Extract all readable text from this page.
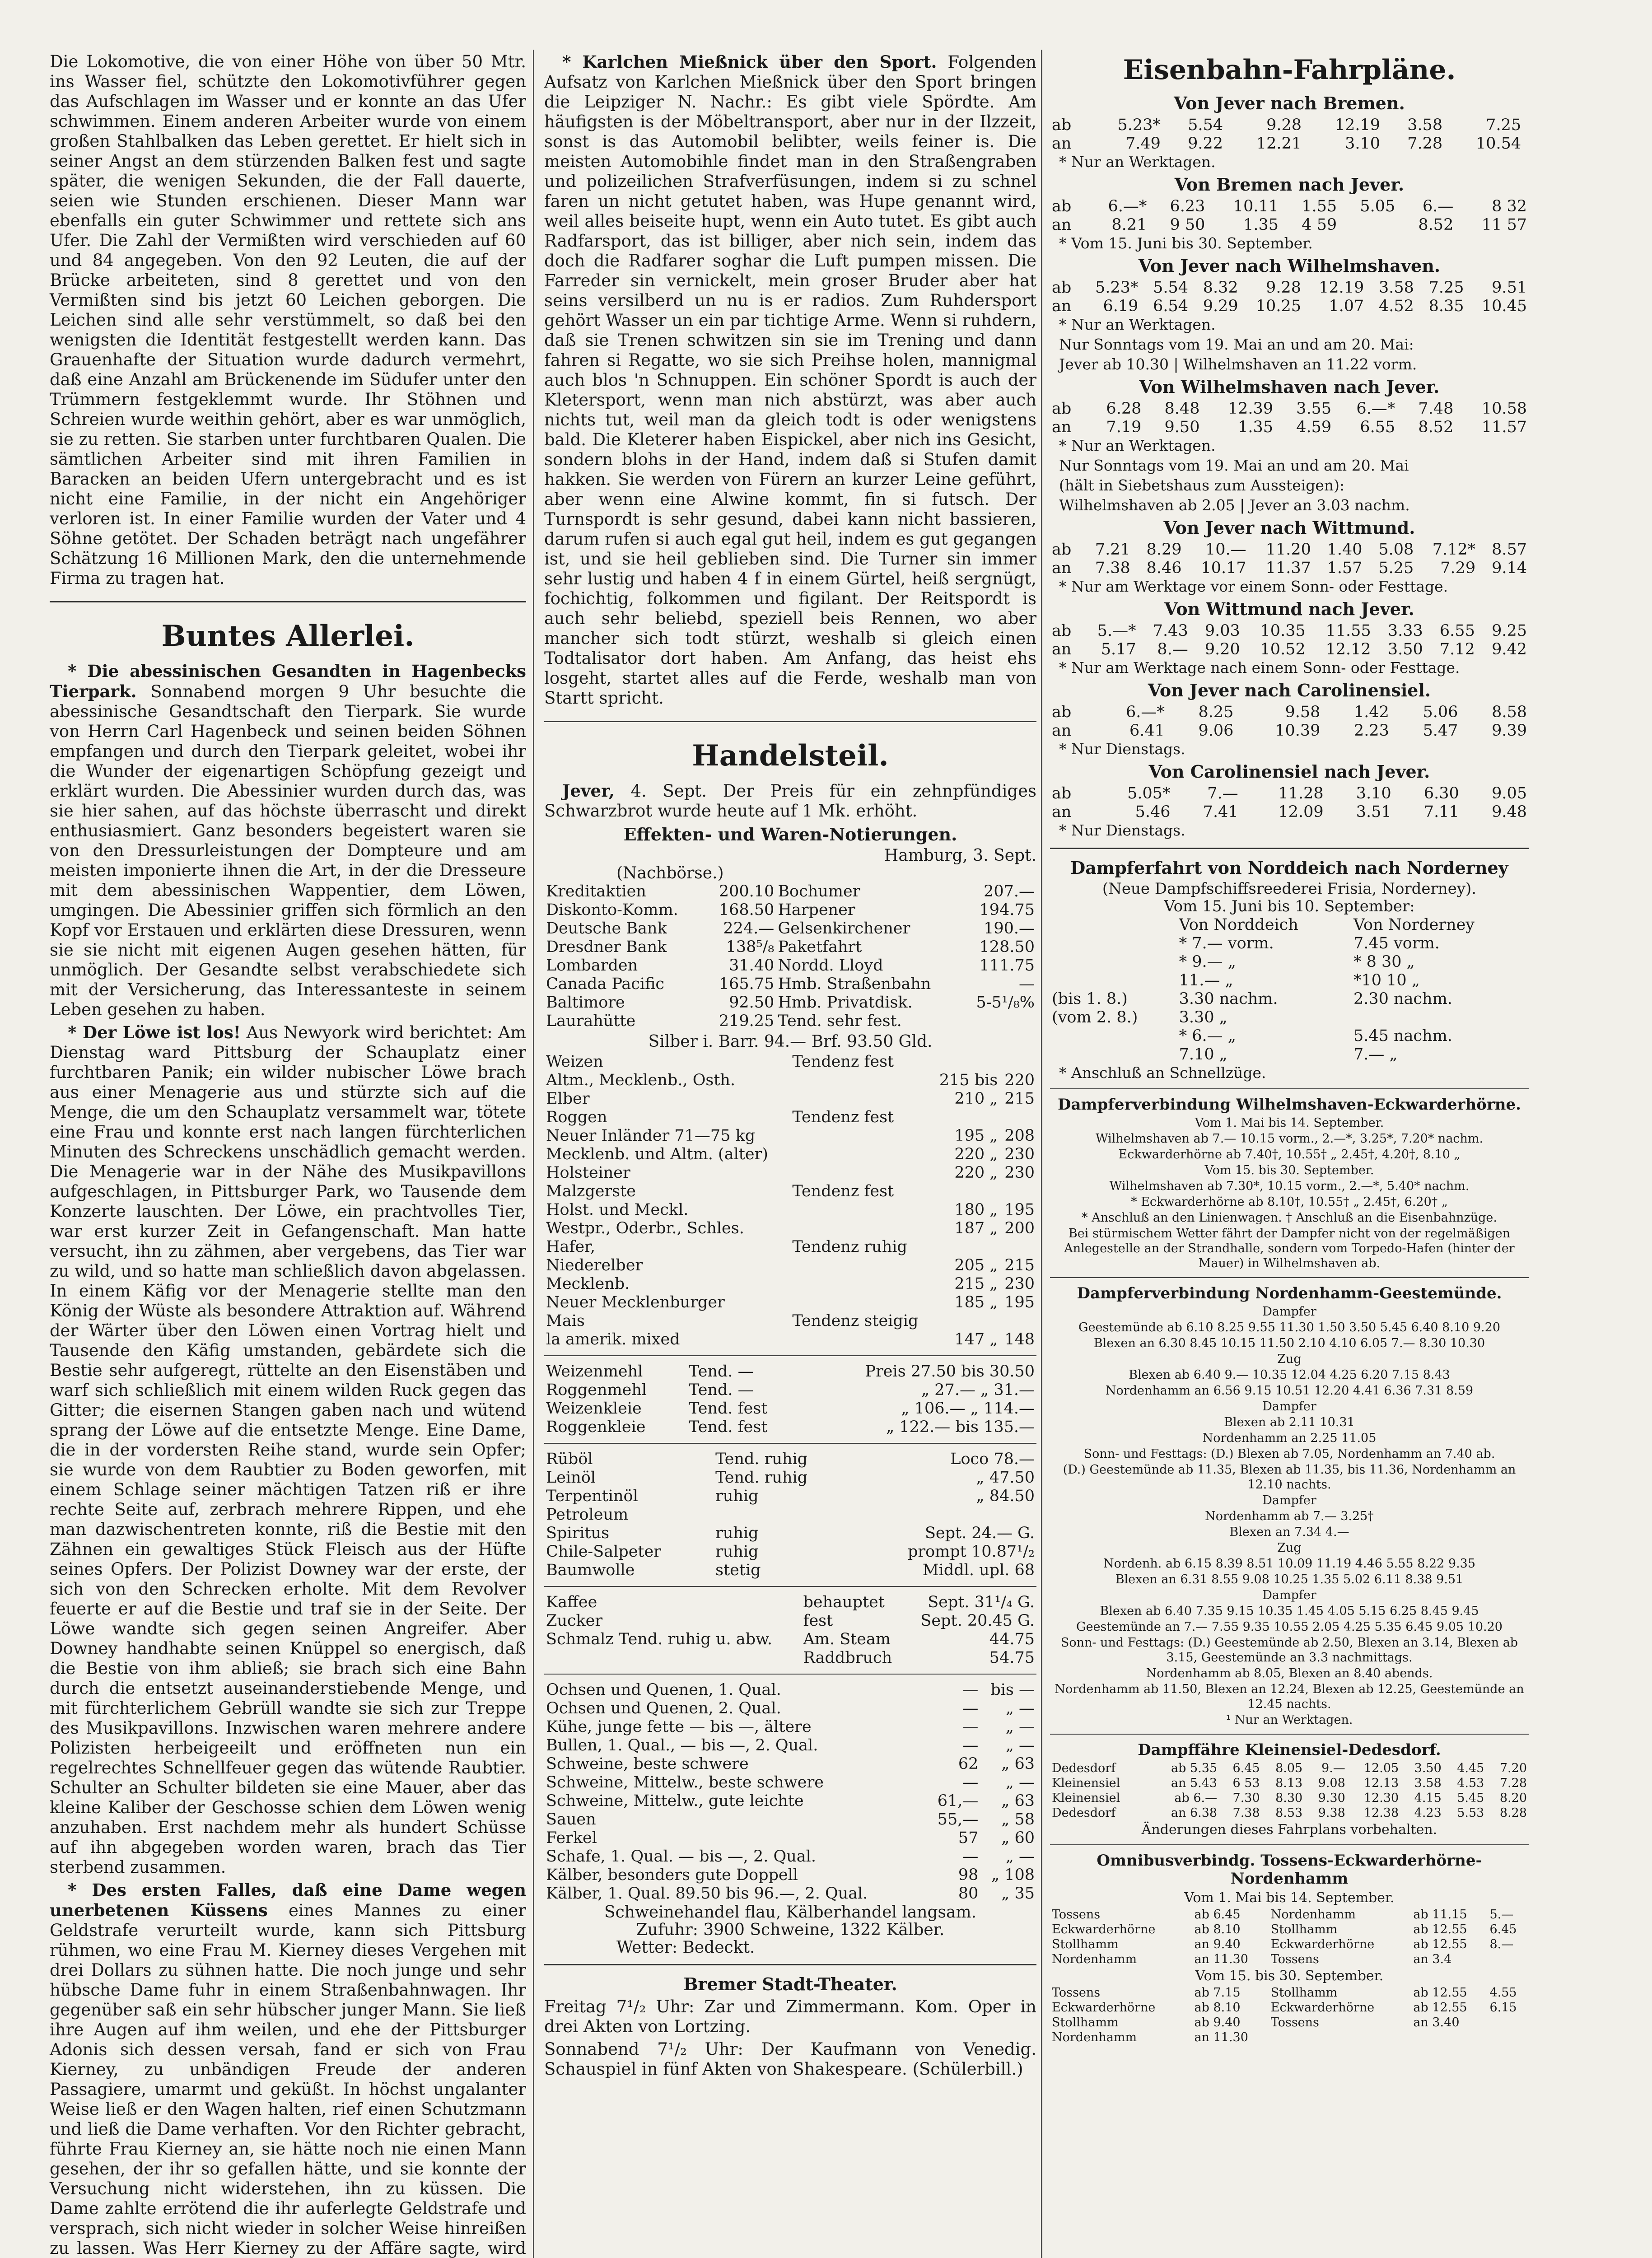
Die Lokomotive, die von einer Höhe von über 50 Mtr. ins Wasser fiel, schützte den Lokomotivführer gegen das Aufschlagen im Wasser und er konnte an das Ufer schwimmen. Einem anderen Arbeiter wurde von einem großen Stahlbalken das Leben gerettet. Er hielt sich in seiner Angst an dem stürzenden Balken fest und sagte später, die wenigen Sekunden, die der Fall dauerte, seien wie Stunden erschienen. Dieser Mann war ebenfalls ein guter Schwimmer und rettete sich ans Ufer. Die Zahl der Vermißten wird verschieden auf 60 und 84 angegeben. Von den 92 Leuten, die auf der Brücke arbeiteten, sind 8 gerettet und von den Vermißten sind bis jetzt 60 Leichen geborgen. Die Leichen sind alle sehr verstümmelt, so daß bei den wenigsten die Identität festgestellt werden kann. Das Grauenhafte der Situation wurde dadurch vermehrt, daß eine Anzahl am Brückenende im Südufer unter den Trümmern festgeklemmt wurde. Ihr Stöhnen und Schreien wurde weithin gehört, aber es war unmöglich, sie zu retten. Sie starben unter furchtbaren Qualen. Die sämtlichen Arbeiter sind mit ihren Familien in Baracken an beiden Ufern untergebracht und es ist nicht eine Familie, in der nicht ein Angehöriger verloren ist. In einer Familie wurden der Vater und 4 Söhne getötet. Der Schaden beträgt nach ungefährer Schätzung 16 Millionen Mark, den die unternehmende Firma zu tragen hat.

Buntes Allerlei.

* Die abessinischen Gesandten in Hagenbecks Tierpark. Sonnabend morgen 9 Uhr besuchte die abessinische Gesandtschaft den Tierpark. Sie wurde von Herrn Carl Hagenbeck und seinen beiden Söhnen empfangen und durch den Tierpark geleitet, wobei ihr die Wunder der eigenartigen Schöpfung gezeigt und erklärt wurden. Die Abessinier wurden durch das, was sie hier sahen, auf das höchste überrascht und direkt enthusiasmiert. Ganz besonders begeistert waren sie von den Dressurleistungen der Dompteure und am meisten imponierte ihnen die Art, in der die Dresseure mit dem abessinischen Wappentier, dem Löwen, umgingen. Die Abessinier griffen sich förmlich an den Kopf vor Erstauen und erklärten diese Dressuren, wenn sie sie nicht mit eigenen Augen gesehen hätten, für unmöglich. Der Gesandte selbst verabschiedete sich mit der Versicherung, das Interessanteste in seinem Leben gesehen zu haben.

* Der Löwe ist los! Aus Newyork wird berichtet: Am Dienstag ward Pittsburg der Schauplatz einer furchtbaren Panik; ein wilder nubischer Löwe brach aus einer Menagerie aus und stürzte sich auf die Menge, die um den Schauplatz versammelt war, tötete eine Frau und konnte erst nach langen fürchterlichen Minuten des Schreckens unschädlich gemacht werden. Die Menagerie war in der Nähe des Musikpavillons aufgeschlagen, in Pittsburger Park, wo Tausende dem Konzerte lauschten. Der Löwe, ein prachtvolles Tier, war erst kurzer Zeit in Gefangenschaft. Man hatte versucht, ihn zu zähmen, aber vergebens, das Tier war zu wild, und so hatte man schließlich davon abgelassen. In einem Käfig vor der Menagerie stellte man den König der Wüste als besondere Attraktion auf. Während der Wärter über den Löwen einen Vortrag hielt und Tausende den Käfig umstanden, gebärdete sich die Bestie sehr aufgeregt, rüttelte an den Eisenstäben und warf sich schließlich mit einem wilden Ruck gegen das Gitter; die eisernen Stangen gaben nach und wütend sprang der Löwe auf die entsetzte Menge. Eine Dame, die in der vordersten Reihe stand, wurde sein Opfer; sie wurde von dem Raubtier zu Boden geworfen, mit einem Schlage seiner mächtigen Tatzen riß er ihre rechte Seite auf, zerbrach mehrere Rippen, und ehe man dazwischentreten konnte, riß die Bestie mit den Zähnen ein gewaltiges Stück Fleisch aus der Hüfte seines Opfers. Der Polizist Downey war der erste, der sich von den Schrecken erholte. Mit dem Revolver feuerte er auf die Bestie und traf sie in der Seite. Der Löwe wandte sich gegen seinen Angreifer. Aber Downey handhabte seinen Knüppel so energisch, daß die Bestie von ihm abließ; sie brach sich eine Bahn durch die entsetzt auseinanderstiebende Menge, und mit fürchterlichem Gebrüll wandte sie sich zur Treppe des Musikpavillons. Inzwischen waren mehrere andere Polizisten herbeigeeilt und eröffneten nun ein regelrechtes Schnellfeuer gegen das wütende Raubtier. Schulter an Schulter bildeten sie eine Mauer, aber das kleine Kaliber der Geschosse schien dem Löwen wenig anzuhaben. Erst nachdem mehr als hundert Schüsse auf ihn abgegeben worden waren, brach das Tier sterbend zusammen.

* Des ersten Falles, daß eine Dame wegen unerbetenen Küssens eines Mannes zu einer Geldstrafe verurteilt wurde, kann sich Pittsburg rühmen, wo eine Frau M. Kierney dieses Vergehen mit drei Dollars zu sühnen hatte. Die noch junge und sehr hübsche Dame fuhr in einem Straßenbahnwagen. Ihr gegenüber saß ein sehr hübscher junger Mann. Sie ließ ihre Augen auf ihm weilen, und ehe der Pittsburger Adonis sich dessen versah, fand er sich von Frau Kierney, zu unbändigen Freude der anderen Passagiere, umarmt und geküßt. In höchst ungalanter Weise ließ er den Wagen halten, rief einen Schutzmann und ließ die Dame verhaften. Vor den Richter gebracht, führte Frau Kierney an, sie hätte noch nie einen Mann gesehen, der ihr so gefallen hätte, und sie konnte der Versuchung nicht widerstehen, ihn zu küssen. Die Dame zahlte errötend die ihr auferlegte Geldstrafe und versprach, sich nicht wieder in solcher Weise hinreißen zu lassen. Was Herr Kierney zu der Affäre sagte, wird

* Karlchen Mießnick über den Sport. Folgenden Aufsatz von Karlchen Mießnick über den Sport bringen die Leipziger N. Nachr.: Es gibt viele Spördte. Am häufigsten is der Möbeltransport, aber nur in der Ilzzeit, sonst is das Automobil belibter, weils feiner is. Die meisten Automobihle findet man in den Straßengraben und polizeilichen Strafverfüsungen, indem si zu schnel faren un nicht getutet haben, was Hupe genannt wird, weil alles beiseite hupt, wenn ein Auto tutet. Es gibt auch Radfarsport, das ist billiger, aber nich sein, indem das doch die Radfarer soghar die Luft pumpen missen. Die Farreder sin vernickelt, mein groser Bruder aber hat seins versilberd un nu is er radios. Zum Ruhdersport gehört Wasser un ein par tichtige Arme. Wenn si ruhdern, daß sie Trenen schwitzen sin sie im Trening und dann fahren si Regatte, wo sie sich Preihse holen, mannigmal auch blos 'n Schnuppen. Ein schöner Spordt is auch der Kletersport, wenn man nich abstürzt, was aber auch nichts tut, weil man da gleich todt is oder wenigstens bald. Die Kleterer haben Eispickel, aber nich ins Gesicht, sondern blohs in der Hand, indem daß si Stufen damit hakken. Sie werden von Fürern an kurzer Leine geführt, aber wenn eine Alwine kommt, fin si futsch. Der Turnspordt is sehr gesund, dabei kann nicht bassieren, darum rufen si auch egal gut heil, indem es gut gegangen ist, und sie heil geblieben sind. Die Turner sin immer sehr lustig und haben 4 f in einem Gürtel, heiß sergnügt, fochichtig, folkommen und figilant. Der Reitspordt is auch sehr beliebd, speziell beis Rennen, wo aber mancher sich todt stürzt, weshalb si gleich einen Todtalisator dort haben. Am Anfang, das heist ehs losgeht, startet alles auf die Ferde, weshalb man von Startt spricht.

Handelsteil.

Jever, 4. Sept. Der Preis für ein zehnpfündiges Schwarzbrot wurde heute auf 1 Mk. erhöht.

Effekten- und Waren-Notierungen.
Hamburg, 3. Sept.
(Nachbörse.)
Kreditaktien	200.10	Bochumer	207.—
Diskonto-Komm.	168.50	Harpener	194.75
Deutsche Bank	224.—	Gelsenkirchener	190.—
Dresdner Bank	138⁵/₈	Paketfahrt	128.50
Lombarden	31.40	Nordd. Lloyd	111.75
Canada Pacific	165.75	Hmb. Straßenbahn	—
Baltimore	92.50	Hmb. Privatdisk.	5-5¹/₈%
Laurahütte	219.25	Tend. sehr fest.	
Silber i. Barr. 94.— Brf. 93.50 Gld.
Weizen	Tendenz fest		
Altm., Mecklenb., Osth.		215 bis	220
Elber		210 „	215
Roggen	Tendenz fest		
Neuer Inländer 71—75 kg		195 „	208
Mecklenb. und Altm. (alter)		220 „	230
Holsteiner		220 „	230
Malzgerste	Tendenz fest		
Holst. und Meckl.		180 „	195
Westpr., Oderbr., Schles.		187 „	200
Hafer,	Tendenz ruhig		
Niederelber		205 „	215
Mecklenb.		215 „	230
Neuer Mecklenburger		185 „	195
Mais	Tendenz steigig		
la amerik. mixed		147 „	148
Weizenmehl	Tend. —	Preis 27.50 bis 30.50
Roggenmehl	Tend. —	„ 27.— „ 31.—
Weizenkleie	Tend. fest	„ 106.— „ 114.—
Roggenkleie	Tend. fest	„ 122.— bis 135.—
Rüböl	Tend. ruhig	Loco 78.—
Leinöl	Tend. ruhig	„ 47.50
Terpentinöl	ruhig	„ 84.50
Petroleum		
Spiritus	ruhig	Sept. 24.— G.
Chile-Salpeter	ruhig	prompt 10.87¹/₂
Baumwolle	stetig	Middl. upl. 68
Kaffee	behauptet	Sept. 31¹/₄ G.
Zucker	fest	Sept. 20.45 G.
Schmalz Tend. ruhig u. abw.	Am. Steam	44.75
	Raddbruch	54.75
Ochsen und Quenen, 1. Qual.	—	bis —
Ochsen und Quenen, 2. Qual.	—	„ —
Kühe, junge fette — bis —, ältere	—	„ —
Bullen, 1. Qual., — bis —, 2. Qual.	—	„ —
Schweine, beste schwere	62	„ 63
Schweine, Mittelw., beste schwere	—	„ —
Schweine, Mittelw., gute leichte	61,—	„ 63
Sauen	55,—	„ 58
Ferkel	57	„ 60
Schafe, 1. Qual. — bis —, 2. Qual.	—	„ —
Kälber, besonders gute Doppell	98	„ 108
Kälber, 1. Qual. 89.50 bis 96.—, 2. Qual.	80	„ 35
Schweinehandel flau, Kälberhandel langsam.
Zufuhr: 3900 Schweine, 1322 Kälber.
Wetter: Bedeckt.
Bremer Stadt-Theater.

Freitag 7¹/₂ Uhr: Zar und Zimmermann. Kom. Oper in drei Akten von Lortzing.

Sonnabend 7¹/₂ Uhr: Der Kaufmann von Venedig. Schauspiel in fünf Akten von Shakespeare. (Schülerbill.)

Eisenbahn-Fahrpläne.
Von Jever nach Bremen.
ab	5.23*	5.54	9.28	12.19	3.58	7.25	
an	7.49	9.22	12.21	3.10	7.28	10.54	
* Nur an Werktagen.
Von Bremen nach Jever.
ab	6.—*	6.23	10.11	1.55	5.05	6.—	8 32
an	8.21	9 50	1.35	4 59		8.52	11 57
* Vom 15. Juni bis 30. September.
Von Jever nach Wilhelmshaven.
ab	5.23*	5.54	8.32	9.28	12.19	3.58	7.25	9.51
an	6.19	6.54	9.29	10.25	1.07	4.52	8.35	10.45
* Nur an Werktagen.
Nur Sonntags vom 19. Mai an und am 20. Mai:
Jever ab 10.30 | Wilhelmshaven an 11.22 vorm.
Von Wilhelmshaven nach Jever.
ab	6.28	8.48	12.39	3.55	6.—*	7.48	10.58
an	7.19	9.50	1.35	4.59	6.55	8.52	11.57
* Nur an Werktagen.
Nur Sonntags vom 19. Mai an und am 20. Mai
(hält in Siebetshaus zum Aussteigen):
Wilhelmshaven ab 2.05 | Jever an 3.03 nachm.
Von Jever nach Wittmund.
ab	7.21	8.29	10.—	11.20	1.40	5.08	7.12*	8.57
an	7.38	8.46	10.17	11.37	1.57	5.25	7.29	9.14
* Nur am Werktage vor einem Sonn- oder Festtage.
Von Wittmund nach Jever.
ab	5.—*	7.43	9.03	10.35	11.55	3.33	6.55	9.25
an	5.17	8.—	9.20	10.52	12.12	3.50	7.12	9.42
* Nur am Werktage nach einem Sonn- oder Festtage.
Von Jever nach Carolinensiel.
ab	6.—*	8.25	9.58	1.42	5.06	8.58
an	6.41	9.06	10.39	2.23	5.47	9.39
* Nur Dienstags.
Von Carolinensiel nach Jever.
ab	5.05*	7.—	11.28	3.10	6.30	9.05
an	5.46	7.41	12.09	3.51	7.11	9.48
* Nur Dienstags.
Dampferfahrt von Norddeich nach Norderney
(Neue Dampfschiffsreederei Frisia, Norderney).
Vom 15. Juni bis 10. September:
	Von Norddeich	Von Norderney
	* 7.— vorm.	7.45 vorm.
	* 9.— „	* 8 30 „
	11.— „	*10 10 „
(bis 1. 8.)	3.30 nachm.	2.30 nachm.
(vom 2. 8.)	3.30 „	
	* 6.— „	5.45 nachm.
	7.10 „	7.— „
* Anschluß an Schnellzüge.
Dampferverbindung Wilhelmshaven-Eckwarderhörne.
Vom 1. Mai bis 14. September.
Wilhelmshaven ab 7.— 10.15 vorm., 2.—*, 3.25*, 7.20* nachm.
Eckwarderhörne ab 7.40†, 10.55† „ 2.45†, 4.20†, 8.10 „
Vom 15. bis 30. September.
Wilhelmshaven ab 7.30*, 10.15 vorm., 2.—*, 5.40* nachm.
* Eckwarderhörne ab 8.10†, 10.55† „ 2.45†, 6.20† „
* Anschluß an den Linienwagen. † Anschluß an die Eisenbahnzüge.
Bei stürmischem Wetter fährt der Dampfer nicht von der regelmäßigen Anlegestelle an der Strandhalle, sondern vom Torpedo-Hafen (hinter der Mauer) in Wilhelmshaven ab.
Dampferverbindung Nordenhamm-Geestemünde.
Dampfer
Geestemünde ab 6.10 8.25 9.55 11.30 1.50 3.50 5.45 6.40 8.10 9.20
Blexen an 6.30 8.45 10.15 11.50 2.10 4.10 6.05 7.— 8.30 10.30
Zug
Blexen ab 6.40 9.— 10.35 12.04 4.25 6.20 7.15 8.43
Nordenhamm an 6.56 9.15 10.51 12.20 4.41 6.36 7.31 8.59
Dampfer
Blexen ab 2.11 10.31
Nordenhamm an 2.25 11.05
Sonn- und Festtags: (D.) Blexen ab 7.05, Nordenhamm an 7.40 ab.
(D.) Geestemünde ab 11.35, Blexen ab 11.35, bis 11.36, Nordenhamm an 12.10 nachts.
Dampfer
Nordenhamm ab 7.— 3.25†
Blexen an 7.34 4.—
Zug
Nordenh. ab 6.15 8.39 8.51 10.09 11.19 4.46 5.55 8.22 9.35
Blexen an 6.31 8.55 9.08 10.25 1.35 5.02 6.11 8.38 9.51
Dampfer
Blexen ab 6.40 7.35 9.15 10.35 1.45 4.05 5.15 6.25 8.45 9.45
Geestemünde an 7.— 7.55 9.35 10.55 2.05 4.25 5.35 6.45 9.05 10.20
Sonn- und Festtags: (D.) Geestemünde ab 2.50, Blexen an 3.14, Blexen ab 3.15, Geestemünde an 3.3 nachmittags.
Nordenhamm ab 8.05, Blexen an 8.40 abends.
Nordenhamm ab 11.50, Blexen an 12.24, Blexen ab 12.25, Geestemünde an 12.45 nachts.
¹ Nur an Werktagen.
Dampffähre Kleinensiel-Dedesdorf.
Dedesdorf	ab 5.35	6.45	8.05	9.—	12.05	3.50	4.45	7.20
Kleinensiel	an 5.43	6 53	8.13	9.08	12.13	3.58	4.53	7.28
Kleinensiel	ab 6.—	7.30	8.30	9.30	12.30	4.15	5.45	8.20
Dedesdorf	an 6.38	7.38	8.53	9.38	12.38	4.23	5.53	8.28
Änderungen dieses Fahrplans vorbehalten.
Omnibusverbindg. Tossens-Eckwarderhörne-Nordenhamm
Vom 1. Mai bis 14. September.
Tossens	ab 6.45	Nordenhamm	ab 11.15	5.—
Eckwarderhörne	ab 8.10	Stollhamm	ab 12.55	6.45
Stollhamm	an 9.40	Eckwarderhörne	ab 12.55	8.—
Nordenhamm	an 11.30	Tossens	an 3.4	
Vom 15. bis 30. September.
Tossens	ab 7.15	Stollhamm	ab 12.55	4.55
Eckwarderhörne	ab 8.10	Eckwarderhörne	ab 12.55	6.15
Stollhamm	ab 9.40	Tossens	an 3.40	
Nordenhamm	an 11.30			
